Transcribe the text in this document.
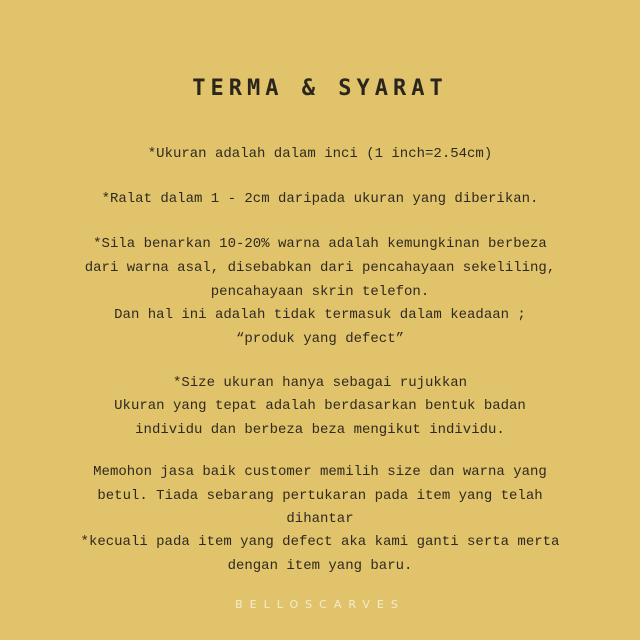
TERMA & SYARAT
*Ukuran adalah dalam inci (1 inch=2.54cm)
*Ralat dalam 1 - 2cm daripada ukuran yang diberikan.
*Sila benarkan 10-20% warna adalah kemungkinan berbeza
dari warna asal, disebabkan dari pencahayaan sekeliling,
pencahayaan skrin telefon.
Dan hal ini adalah tidak termasuk dalam keadaan ;
“produk yang defect”
*Size ukuran hanya sebagai rujukkan
Ukuran yang tepat adalah berdasarkan bentuk badan
individu dan berbeza beza mengikut individu.
Memohon jasa baik customer memilih size dan warna yang
betul. Tiada sebarang pertukaran pada item yang telah
dihantar
*kecuali pada item yang defect aka kami ganti serta merta
dengan item yang baru.
BELLOSCARVES
